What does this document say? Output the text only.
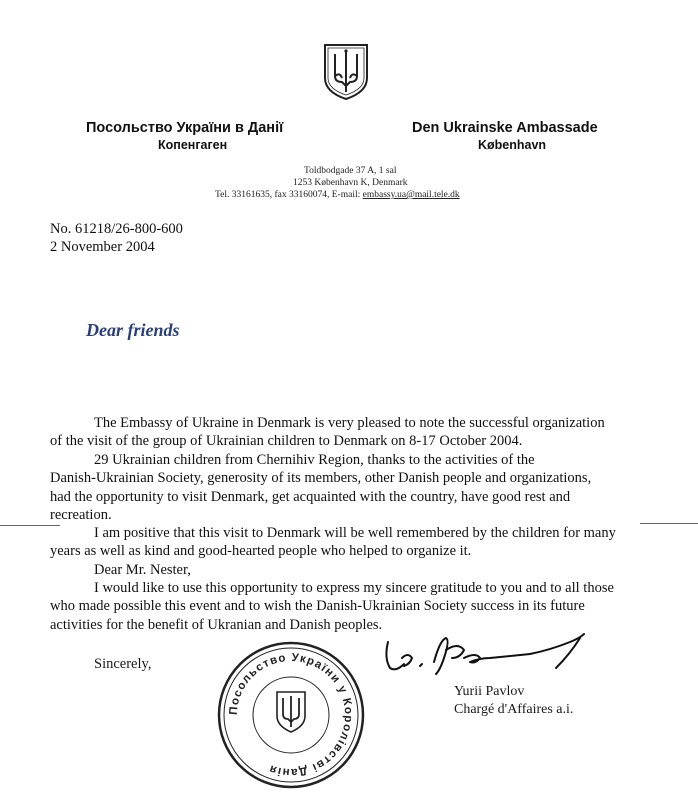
Посольство України в Данії
Копенгаген
Den Ukrainske Ambassade
København
Toldbodgade 37 A, 1 sal
1253 København K, Denmark
Tel. 33161635, fax 33160074, E-mail: embassy.ua@mail.tele.dk
No. 61218/26-800-600
2 November 2004
Dear friends
The Embassy of Ukraine in Denmark is very pleased to note the successful organization
of the visit of the group of Ukrainian children to Denmark on 8-17 October 2004.
29 Ukrainian children from Chernihiv Region, thanks to the activities of the
Danish-Ukrainian Society, generosity of its members, other Danish people and organizations,
had the opportunity to visit Denmark, get acquainted with the country, have good rest and
recreation.
I am positive that this visit to Denmark will be well remembered by the children for many
years as well as kind and good-hearted people who helped to organize it.
Dear Mr. Nester,
I would like to use this opportunity to express my sincere gratitude to you and to all those
who made possible this event and to wish the Danish-Ukrainian Society success in its future
activities for the benefit of Ukranian and Danish peoples.
Sincerely,
Yurii Pavlov
Chargé d'Affaires a.i.
Посольство України у Королівстві Данія
